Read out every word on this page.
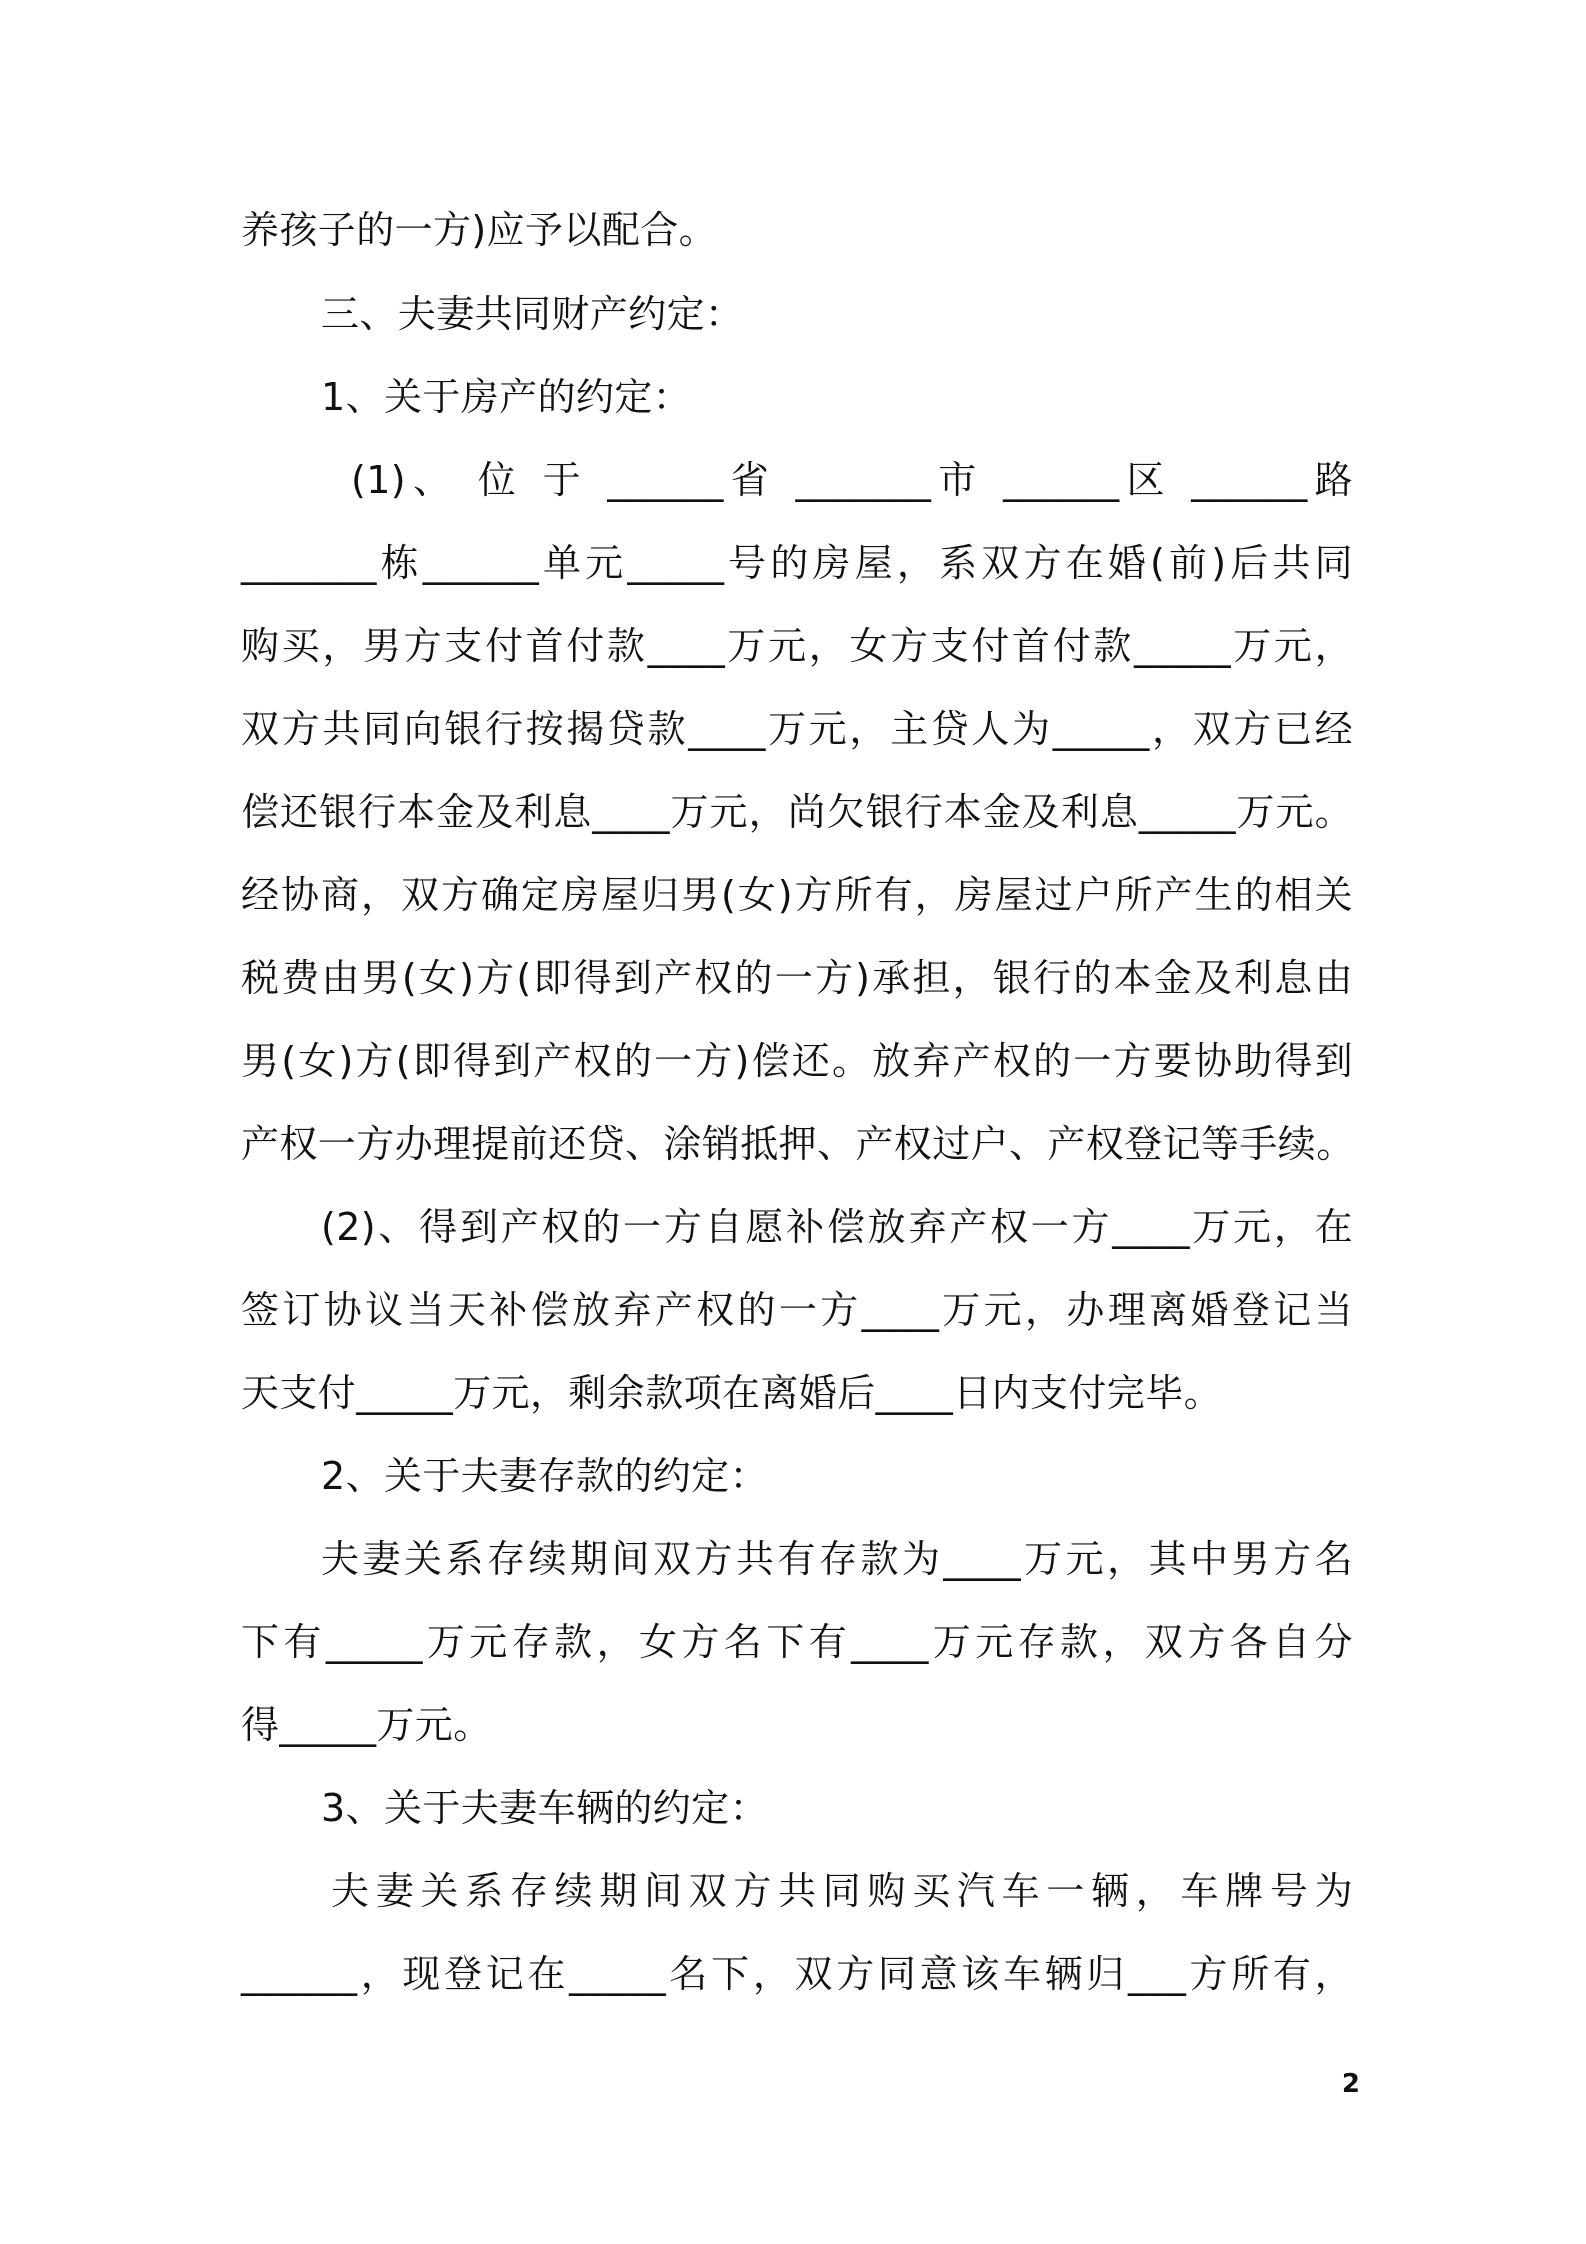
养孩子的一方)应予以配合。
三、夫妻共同财产约定：
1、关于房产的约定：
(1)、 位 于 ______省 _______市 ______区 ______路
_______栋______单元_____号的房屋，系双方在婚(前)后共同
购买，男方支付首付款____万元，女方支付首付款_____万元，
双方共同向银行按揭贷款____万元，主贷人为_____，双方已经
偿还银行本金及利息____万元，尚欠银行本金及利息_____万元。
经协商，双方确定房屋归男(女)方所有，房屋过户所产生的相关
税费由男(女)方(即得到产权的一方)承担，银行的本金及利息由
男(女)方(即得到产权的一方)偿还。放弃产权的一方要协助得到
产权一方办理提前还贷、涂销抵押、产权过户、产权登记等手续。
(2)、得到产权的一方自愿补偿放弃产权一方____万元，在
签订协议当天补偿放弃产权的一方____万元，办理离婚登记当
天支付_____万元，剩余款项在离婚后____日内支付完毕。
2、关于夫妻存款的约定：
夫妻关系存续期间双方共有存款为____万元，其中男方名
下有_____万元存款，女方名下有____万元存款，双方各自分
得_____万元。
3、关于夫妻车辆的约定：
夫妻关系存续期间双方共同购买汽车一辆，车牌号为
______，现登记在_____名下，双方同意该车辆归___方所有，
2
